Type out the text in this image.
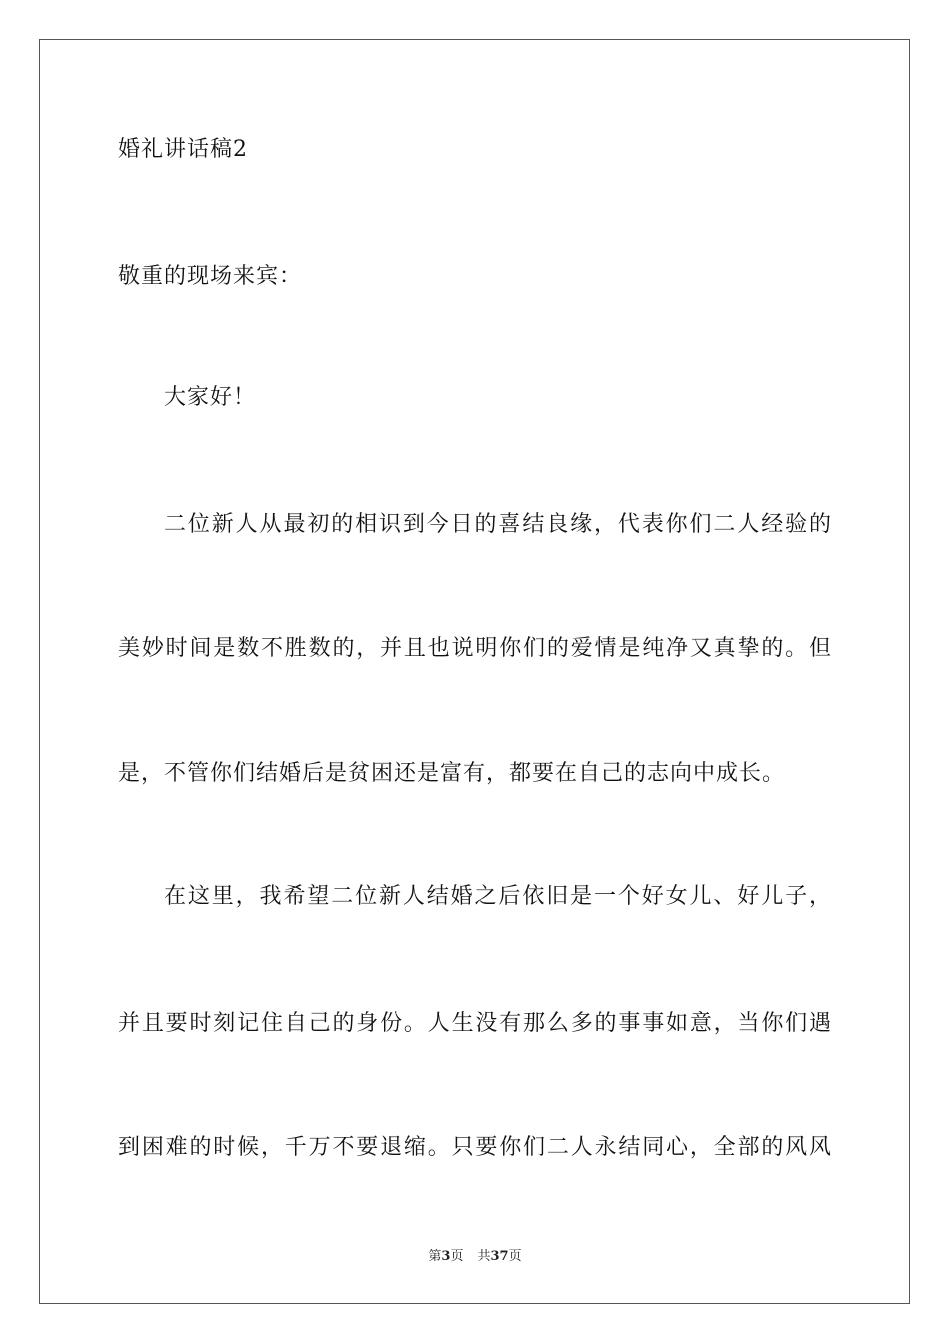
婚礼讲话稿2
敬重的现场来宾：
大家好！
二位新人从最初的相识到今日的喜结良缘，代表你们二人经验的
美妙时间是数不胜数的，并且也说明你们的爱情是纯净又真挚的。但
是，不管你们结婚后是贫困还是富有，都要在自己的志向中成长。
在这里，我希望二位新人结婚之后依旧是一个好女儿、好儿子，
并且要时刻记住自己的身份。人生没有那么多的事事如意，当你们遇
到困难的时候，千万不要退缩。只要你们二人永结同心，全部的风风
第3页 共37页
